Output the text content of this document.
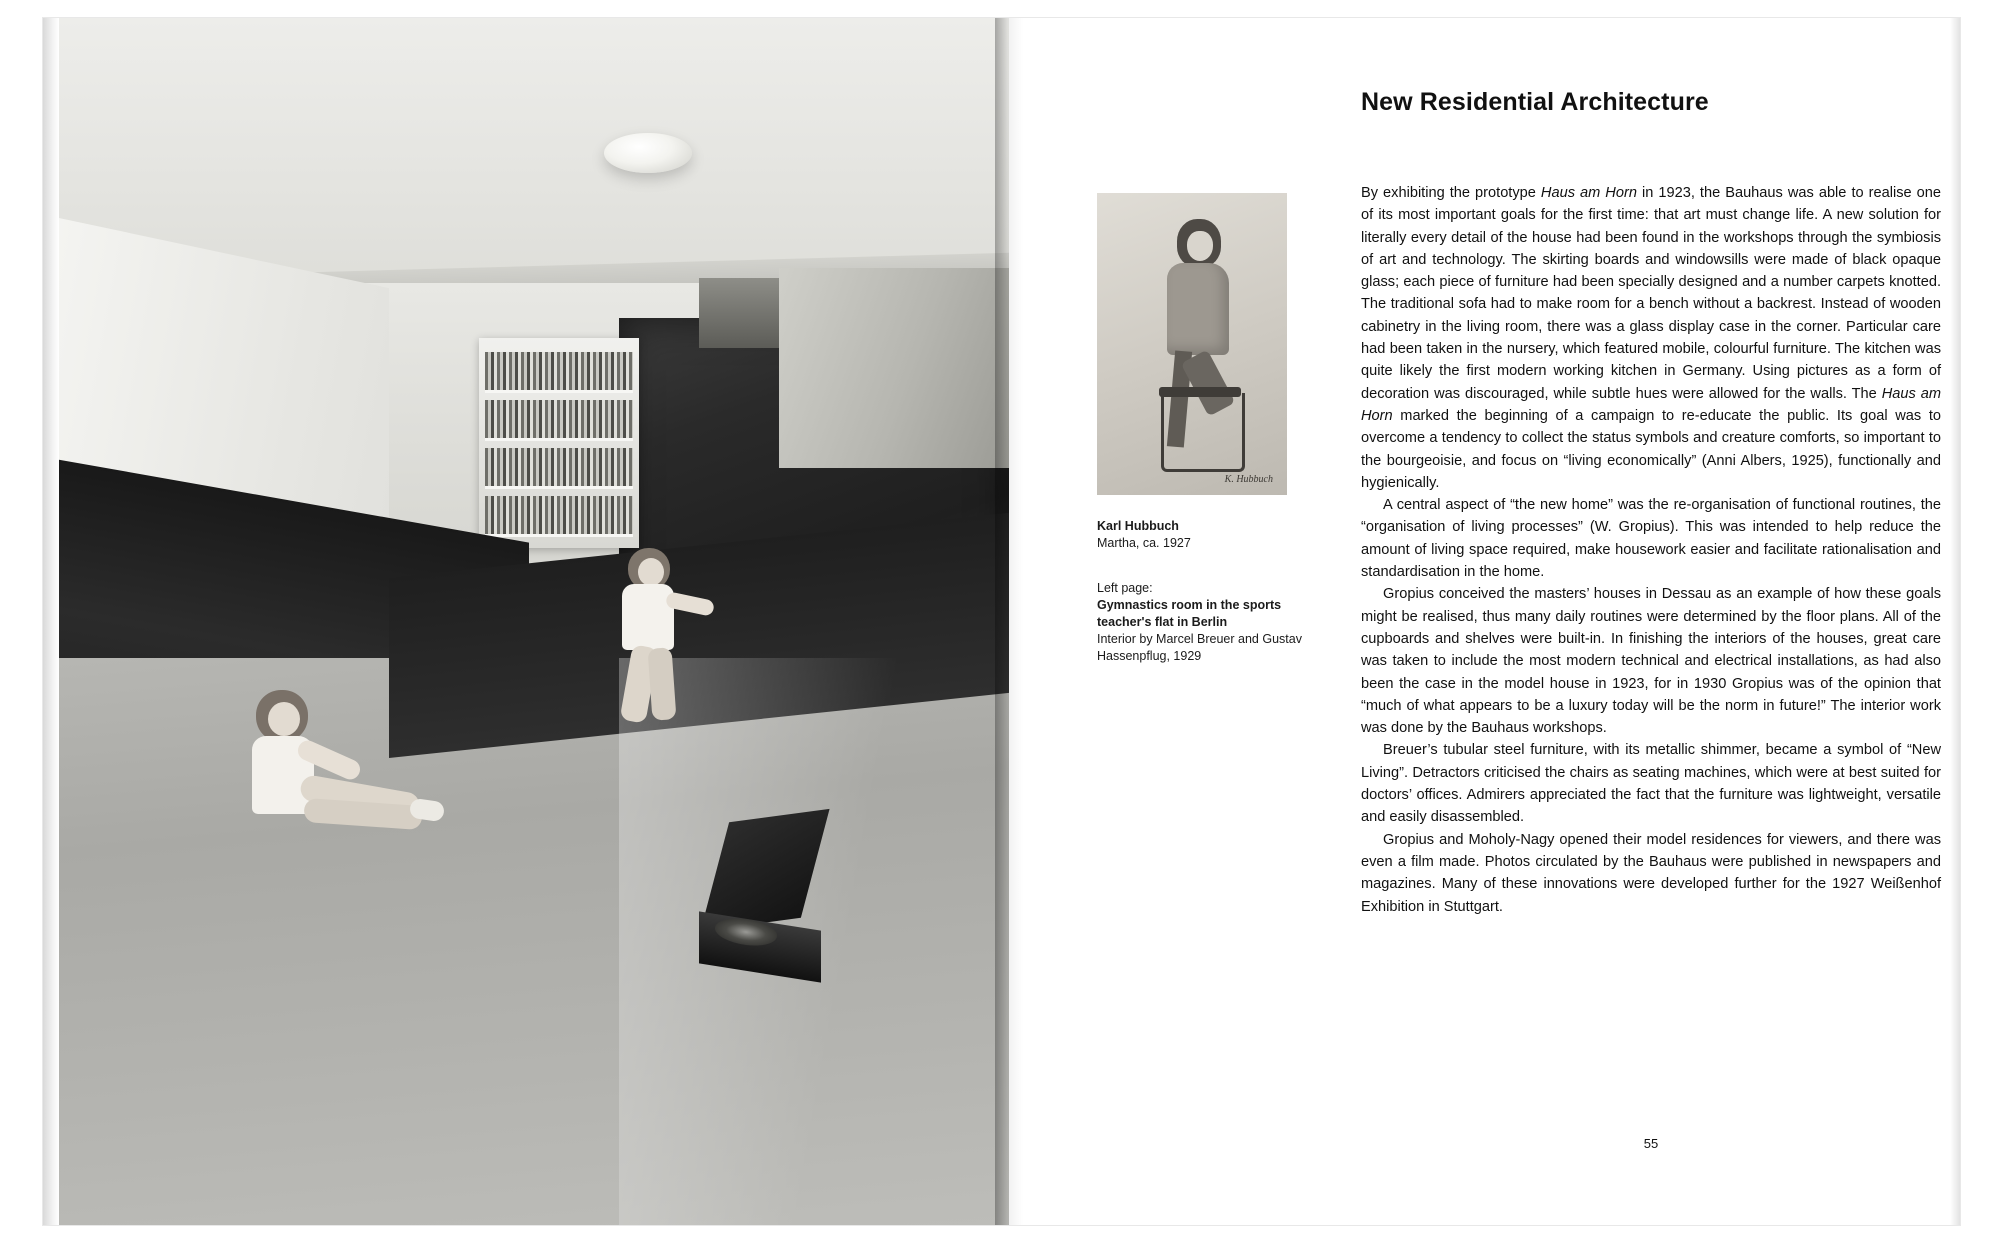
New Residential Architecture
K. Hubbuch
Karl Hubbuch
Martha, ca. 1927
Left page:
Gymnastics room in the sports teacher's flat in Berlin
Interior by Marcel Breuer and Gustav Hassenpflug, 1929

By exhibiting the prototype Haus am Horn in 1923, the Bauhaus was able to realise one of its most important goals for the first time: that art must change life. A new solution for literally every detail of the house had been found in the workshops through the symbiosis of art and technology. The skirting boards and windowsills were made of black opaque glass; each piece of furniture had been specially designed and a number carpets knotted. The traditional sofa had to make room for a bench without a backrest. Instead of wooden cabinetry in the living room, there was a glass display case in the corner. Particular care had been taken in the nursery, which featured mobile, colourful furniture. The kitchen was quite likely the first modern working kitchen in Germany. Using pictures as a form of decoration was discouraged, while subtle hues were allowed for the walls. The Haus am Horn marked the beginning of a campaign to re-educate the public. Its goal was to overcome a tendency to collect the status symbols and creature comforts, so important to the bourgeoisie, and focus on “living economically” (Anni Albers, 1925), functionally and hygienically.

A central aspect of “the new home” was the re-organisation of functional routines, the “organisation of living processes” (W. Gropius). This was intended to help reduce the amount of living space required, make housework easier and facilitate rationalisation and standardisation in the home.

Gropius conceived the masters’ houses in Dessau as an example of how these goals might be realised, thus many daily routines were determined by the floor plans. All of the cupboards and shelves were built-in. In finishing the interiors of the houses, great care was taken to include the most modern technical and electrical installations, as had also been the case in the model house in 1923, for in 1930 Gropius was of the opinion that “much of what appears to be a luxury today will be the norm in future!” The interior work was done by the Bauhaus workshops.

Breuer’s tubular steel furniture, with its metallic shimmer, became a symbol of “New Living”. Detractors criticised the chairs as seating machines, which were at best suited for doctors’ offices. Admirers appreciated the fact that the furniture was lightweight, versatile and easily disassembled.

Gropius and Moholy-Nagy opened their model residences for viewers, and there was even a film made. Photos circulated by the Bauhaus were published in newspapers and magazines. Many of these innovations were developed further for the 1927 Weißenhof Exhibition in Stuttgart.

55
